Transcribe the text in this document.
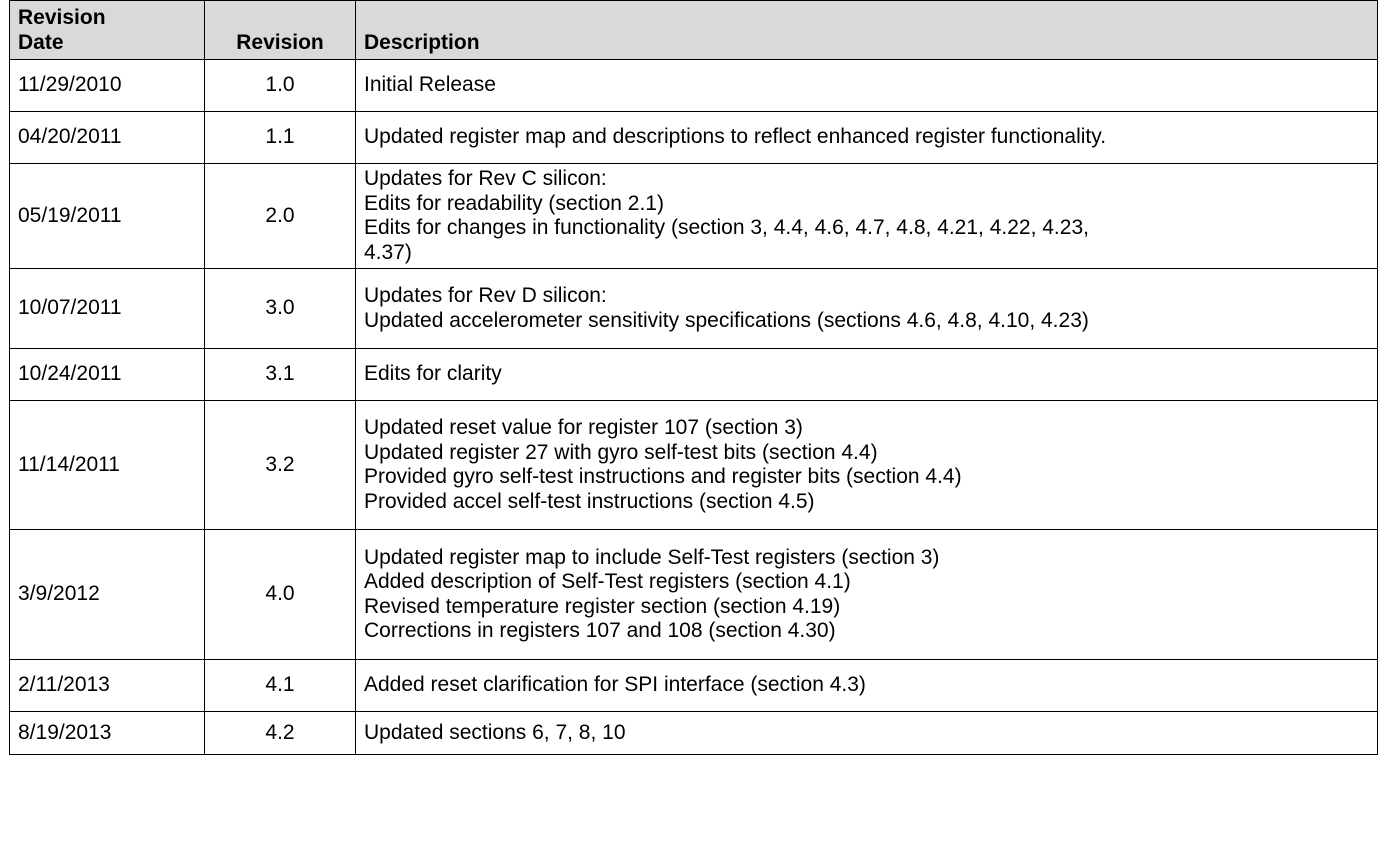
Revision
Date	Revision	Description
11/29/2010	1.0	Initial Release

04/20/2011	1.1	Updated register map and descriptions to reflect enhanced register functionality.

05/19/2011	2.0	Updates for Rev C silicon:
Edits for readability (section 2.1)
Edits for changes in functionality (section 3, 4.4, 4.6, 4.7, 4.8, 4.21, 4.22, 4.23,
4.37)

10/07/2011	3.0	Updates for Rev D silicon:
Updated accelerometer sensitivity specifications (sections 4.6, 4.8, 4.10, 4.23)

10/24/2011	3.1	Edits for clarity

11/14/2011	3.2	Updated reset value for register 107 (section 3)
Updated register 27 with gyro self-test bits (section 4.4)
Provided gyro self-test instructions and register bits (section 4.4)
Provided accel self-test instructions (section 4.5)

3/9/2012	4.0	Updated register map to include Self-Test registers (section 3)
Added description of Self-Test registers (section 4.1)
Revised temperature register section (section 4.19)
Corrections in registers 107 and 108 (section 4.30)

2/11/2013	4.1	Added reset clarification for SPI interface (section 4.3)

8/19/2013	4.2	Updated sections 6, 7, 8, 10
